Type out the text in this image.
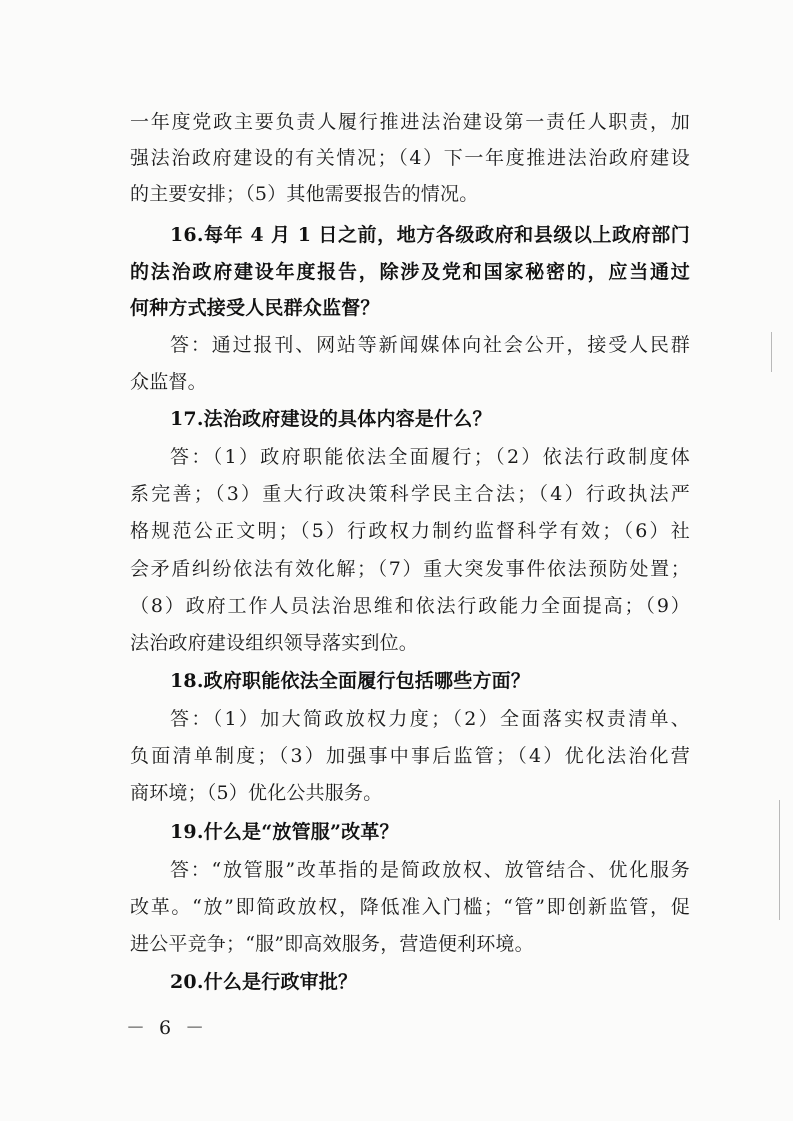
一年度党政主要负责人履行推进法治建设第一责任人职责，加
强法治政府建设的有关情况；（4）下一年度推进法治政府建设
的主要安排；（5）其他需要报告的情况。
16.每年 4 月 1 日之前，地方各级政府和县级以上政府部门
的法治政府建设年度报告，除涉及党和国家秘密的，应当通过
何种方式接受人民群众监督？
答：通过报刊、网站等新闻媒体向社会公开，接受人民群
众监督。
17.法治政府建设的具体内容是什么？
答：（1）政府职能依法全面履行；（2）依法行政制度体
系完善；（3）重大行政决策科学民主合法；（4）行政执法严
格规范公正文明；（5）行政权力制约监督科学有效；（6）社
会矛盾纠纷依法有效化解；（7）重大突发事件依法预防处置；
（8）政府工作人员法治思维和依法行政能力全面提高；（9）
法治政府建设组织领导落实到位。
18.政府职能依法全面履行包括哪些方面？
答：（1）加大简政放权力度；（2）全面落实权责清单、
负面清单制度；（3）加强事中事后监管；（4）优化法治化营
商环境；（5）优化公共服务。
19.什么是“放管服”改革？
答：“放管服”改革指的是简政放权、放管结合、优化服务
改革。“放”即简政放权，降低准入门槛；“管”即创新监管，促
进公平竞争；“服”即高效服务，营造便利环境。
20.什么是行政审批？
－ 6 －
